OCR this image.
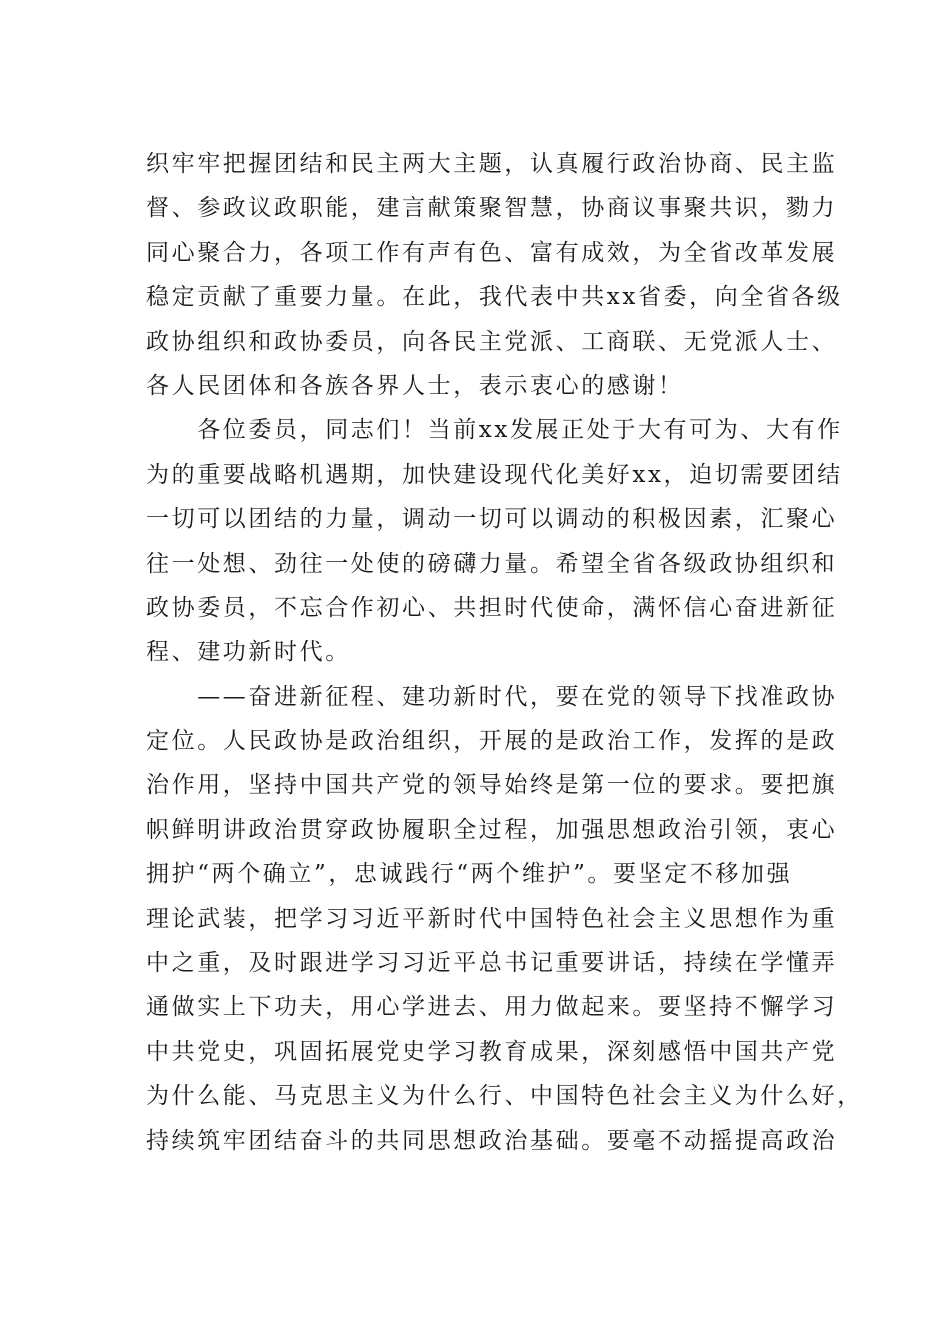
织牢牢把握团结和民主两大主题，认真履行政治协商、民主监
督、参政议政职能，建言献策聚智慧，协商议事聚共识，勠力
同心聚合力，各项工作有声有色、富有成效，为全省改革发展
稳定贡献了重要力量。在此，我代表中共xx省委，向全省各级
政协组织和政协委员，向各民主党派、工商联、无党派人士、
各人民团体和各族各界人士，表示衷心的感谢！
　　各位委员，同志们！当前xx发展正处于大有可为、大有作
为的重要战略机遇期，加快建设现代化美好xx，迫切需要团结
一切可以团结的力量，调动一切可以调动的积极因素，汇聚心
往一处想、劲往一处使的磅礴力量。希望全省各级政协组织和
政协委员，不忘合作初心、共担时代使命，满怀信心奋进新征
程、建功新时代。
　　——奋进新征程、建功新时代，要在党的领导下找准政协
定位。人民政协是政治组织，开展的是政治工作，发挥的是政
治作用，坚持中国共产党的领导始终是第一位的要求。要把旗
帜鲜明讲政治贯穿政协履职全过程，加强思想政治引领，衷心
拥护“两个确立”，忠诚践行“两个维护”。要坚定不移加强
理论武装，把学习习近平新时代中国特色社会主义思想作为重
中之重，及时跟进学习习近平总书记重要讲话，持续在学懂弄
通做实上下功夫，用心学进去、用力做起来。要坚持不懈学习
中共党史，巩固拓展党史学习教育成果，深刻感悟中国共产党
为什么能、马克思主义为什么行、中国特色社会主义为什么好，
持续筑牢团结奋斗的共同思想政治基础。要毫不动摇提高政治
